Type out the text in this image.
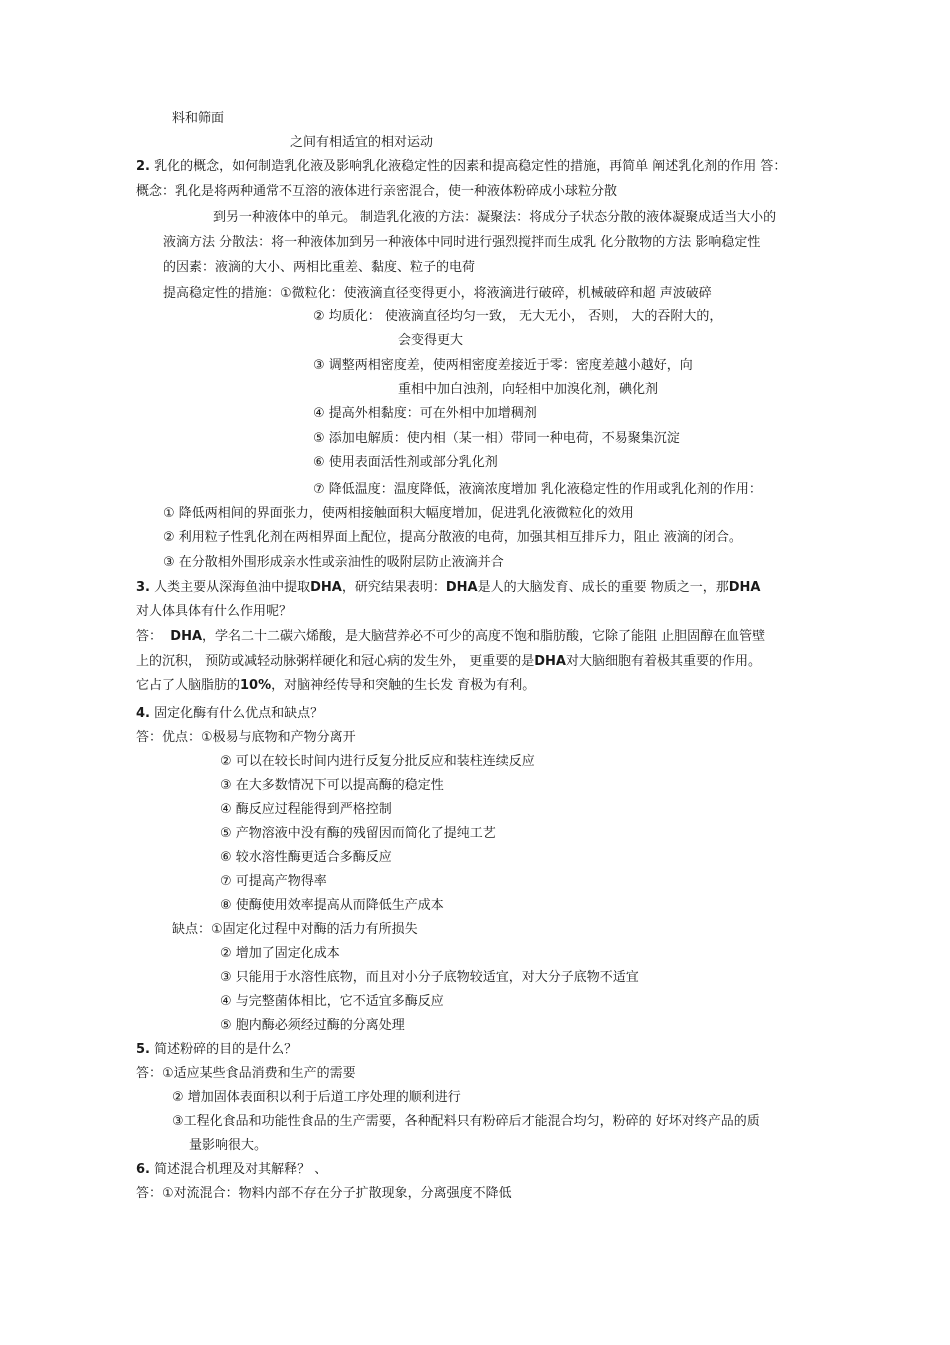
料和筛面
之间有相适宜的相对运动
2. 乳化的概念，如何制造乳化液及影响乳化液稳定性的因素和提高稳定性的措施，再简单 阐述乳化剂的作用 答：
概念：乳化是将两种通常不互溶的液体进行亲密混合，使一种液体粉碎成小球粒分散
到另一种液体中的单元。 制造乳化液的方法：凝聚法：将成分子状态分散的液体凝聚成适当大小的
液滴方法 分散法：将一种液体加到另一种液体中同时进行强烈搅拌而生成乳 化分散物的方法 影响稳定性
的因素：液滴的大小、两相比重差、黏度、粒子的电荷
提高稳定性的措施：①微粒化：使液滴直径变得更小，将液滴进行破碎，机械破碎和超 声波破碎
② 均质化： 使液滴直径均匀一致， 无大无小， 否则， 大的吞附大的，
会变得更大
③ 调整两相密度差，使两相密度差接近于零：密度差越小越好，向
重相中加白浊剂，向轻相中加溴化剂，碘化剂
④ 提高外相黏度：可在外相中加增稠剂
⑤ 添加电解质：使内相（某一相）带同一种电荷，不易聚集沉淀
⑥ 使用表面活性剂或部分乳化剂
⑦ 降低温度：温度降低，液滴浓度增加 乳化液稳定性的作用或乳化剂的作用：
① 降低两相间的界面张力，使两相接触面积大幅度增加，促进乳化液微粒化的效用
② 利用粒子性乳化剂在两相界面上配位，提高分散液的电荷，加强其相互排斥力，阻止 液滴的闭合。
③ 在分散相外围形成亲水性或亲油性的吸附层防止液滴并合
3. 人类主要从深海鱼油中提取DHA，研究结果表明：DHA是人的大脑发育、成长的重要 物质之一，那DHA
对人体具体有什么作用呢？
答： DHA，学名二十二碳六烯酸，是大脑营养必不可少的高度不饱和脂肪酸，它除了能阻 止胆固醇在血管壁
上的沉积， 预防或减轻动脉粥样硬化和冠心病的发生外， 更重要的是DHA对大脑细胞有着极其重要的作用。
它占了人脑脂肪的10%，对脑神经传导和突触的生长发 育极为有利。
4. 固定化酶有什么优点和缺点？
答：优点：①极易与底物和产物分离开
② 可以在较长时间内进行反复分批反应和装柱连续反应
③ 在大多数情况下可以提高酶的稳定性
④ 酶反应过程能得到严格控制
⑤ 产物溶液中没有酶的残留因而简化了提纯工艺
⑥ 较水溶性酶更适合多酶反应
⑦ 可提高产物得率
⑧ 使酶使用效率提高从而降低生产成本
缺点：①固定化过程中对酶的活力有所损失
② 增加了固定化成本
③ 只能用于水溶性底物，而且对小分子底物较适宜，对大分子底物不适宜
④ 与完整菌体相比，它不适宜多酶反应
⑤ 胞内酶必须经过酶的分离处理
5. 简述粉碎的目的是什么？
答：①适应某些食品消费和生产的需要
② 增加固体表面积以利于后道工序处理的顺利进行
③工程化食品和功能性食品的生产需要，各种配料只有粉碎后才能混合均匀，粉碎的 好坏对终产品的质
量影响很大。
6. 简述混合机理及对其解释？ 、
答：①对流混合：物料内部不存在分子扩散现象，分离强度不降低
